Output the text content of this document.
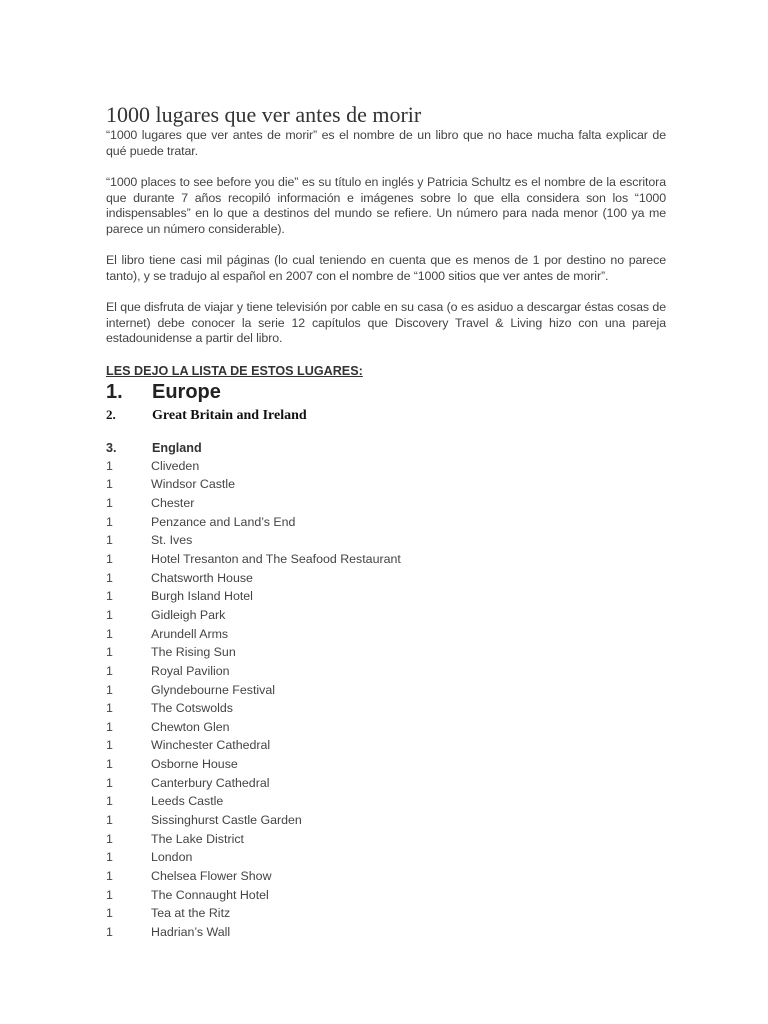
1000 lugares que ver antes de morir

“1000 lugares que ver antes de morir” es el nombre de un libro que no hace mucha falta explicar de qué puede tratar.

“1000 places to see before you die” es su título en inglés y Patricia Schultz es el nombre de la escritora que durante 7 años recopiló información e imágenes sobre lo que ella considera son los “1000 indispensables” en lo que a destinos del mundo se refiere. Un número para nada menor (100 ya me parece un número considerable).

El libro tiene casi mil páginas (lo cual teniendo en cuenta que es menos de 1 por destino no parece tanto), y se tradujo al español en 2007 con el nombre de “1000 sitios que ver antes de morir”.

El que disfruta de viajar y tiene televisión por cable en su casa (o es asiduo a descargar éstas cosas de internet) debe conocer la serie 12 capítulos que Discovery Travel & Living hizo con una pareja estadounidense a partir del libro.

LES DEJO LA LISTA DE ESTOS LUGARES:
1.	Europe
2.	Great Britain and Ireland
3.	England
1	Cliveden
1	Windsor Castle
1	Chester
1	Penzance and Land’s End
1	St. Ives
1	Hotel Tresanton and The Seafood Restaurant
1	Chatsworth House
1	Burgh Island Hotel
1	Gidleigh Park
1	Arundell Arms
1	The Rising Sun
1	Royal Pavilion
1	Glyndebourne Festival
1	The Cotswolds
1	Chewton Glen
1	Winchester Cathedral
1	Osborne House
1	Canterbury Cathedral
1	Leeds Castle
1	Sissinghurst Castle Garden
1	The Lake District
1	London
1	Chelsea Flower Show
1	The Connaught Hotel
1	Tea at the Ritz
1	Hadrian’s Wall
